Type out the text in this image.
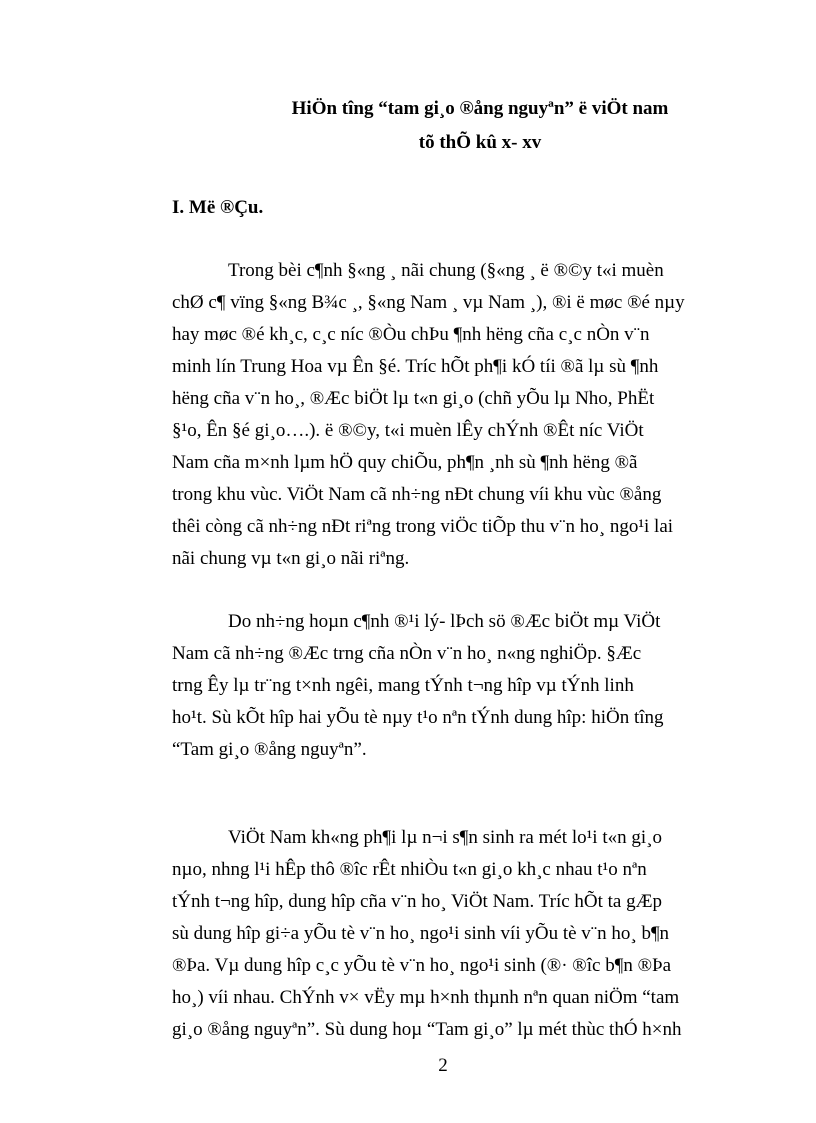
HiÖn tîng “tam gi¸o ®ång nguyªn” ë viÖt nam
tõ thÕ kû x- xv
I. Më ®Çu.
Trong bèi c¶nh §«ng ¸ nãi chung (§«ng ¸ ë ®©y t«i muèn
chØ c¶ vïng §«ng B¾c ¸, §«ng Nam ¸ vµ Nam ¸), ®i ë møc ®é nµy
hay møc ®é kh¸c, c¸c níc ®Òu chÞu ¶nh hëng cña c¸c nÒn v¨n
minh lín Trung Hoa vµ Ên §é. Tríc hÕt ph¶i kÓ tíi ®ã lµ sù ¶nh
hëng cña v¨n ho¸, ®Æc biÖt lµ t«n gi¸o (chñ yÕu lµ Nho, PhËt
§¹o, Ên §é gi¸o….). ë ®©y, t«i muèn lÊy chÝnh ®Êt níc ViÖt
Nam cña m×nh lµm hÖ quy chiÕu, ph¶n ¸nh sù ¶nh hëng ®ã
trong khu vùc. ViÖt Nam cã nh÷ng nÐt chung víi khu vùc ®ång
thêi còng cã nh÷ng nÐt riªng trong viÖc tiÕp thu v¨n ho¸ ngo¹i lai
nãi chung vµ t«n gi¸o nãi riªng.
Do nh÷ng hoµn c¶nh ®¹i lý- lÞch sö ®Æc biÖt mµ ViÖt
Nam cã nh÷ng ®Æc trng cña nÒn v¨n ho¸ n«ng nghiÖp. §Æc
trng Êy lµ tr¨ng t×nh ngêi, mang tÝnh t¬ng hîp vµ tÝnh linh
ho¹t. Sù kÕt hîp hai yÕu tè nµy t¹o nªn tÝnh dung hîp: hiÖn tîng
“Tam gi¸o ®ång nguyªn”.
ViÖt Nam kh«ng ph¶i lµ n¬i s¶n sinh ra mét lo¹i t«n gi¸o
nµo, nhng l¹i hÊp thô ®îc rÊt nhiÒu t«n gi¸o kh¸c nhau t¹o nªn
tÝnh t¬ng hîp, dung hîp cña v¨n ho¸ ViÖt Nam. Tríc hÕt ta gÆp
sù dung hîp gi÷a yÕu tè v¨n ho¸ ngo¹i sinh víi yÕu tè v¨n ho¸ b¶n
®Þa. Vµ dung hîp c¸c yÕu tè v¨n ho¸ ngo¹i sinh (®· ®îc b¶n ®Þa
ho¸) víi nhau. ChÝnh v× vËy mµ h×nh thµnh nªn quan niÖm “tam
gi¸o ®ång nguyªn”. Sù dung hoµ “Tam gi¸o” lµ mét thùc thÓ h×nh
2
